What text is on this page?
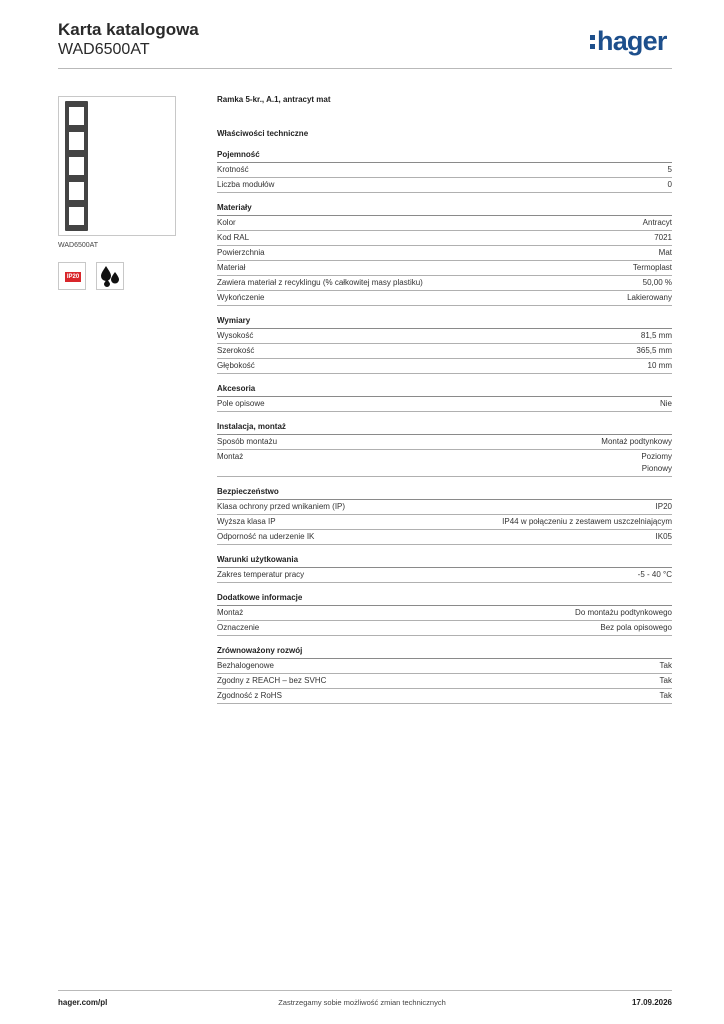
Karta katalogowa
WAD6500AT	hager
WAD6500AT
IP20
Ramka 5-kr., A.1, antracyt mat
Właściwości techniczne
Pojemność
Krotność	5
Liczba modułów	0
Materiały
Kolor	Antracyt
Kod RAL	7021
Powierzchnia	Mat
Materiał	Termoplast
Zawiera materiał z recyklingu (% całkowitej masy plastiku)	50,00 %
Wykończenie	Lakierowany
Wymiary
Wysokość	81,5 mm
Szerokość	365,5 mm
Głębokość	10 mm
Akcesoria
Pole opisowe	Nie
Instalacja, montaż
Sposób montażu	Montaż podtynkowy
Montaż	Poziomy
Pionowy
Bezpieczeństwo
Klasa ochrony przed wnikaniem (IP)	IP20
Wyższa klasa IP	IP44 w połączeniu z zestawem uszczelniającym
Odporność na uderzenie IK	IK05
Warunki użytkowania
Zakres temperatur pracy	-5 - 40 °C
Dodatkowe informacje
Montaż	Do montażu podtynkowego
Oznaczenie	Bez pola opisowego
Zrównoważony rozwój
Bezhalogenowe	Tak
Zgodny z REACH – bez SVHC	Tak
Zgodność z RoHS	Tak
hager.com/pl	Zastrzegamy sobie możliwość zmian technicznych	17.09.2026
